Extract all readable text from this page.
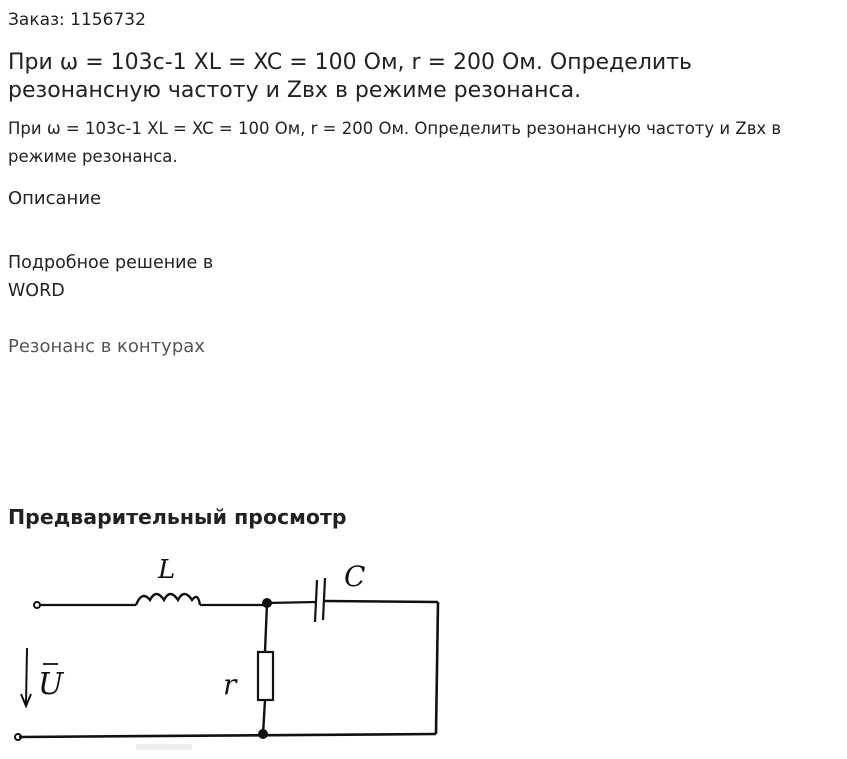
Заказ: 1156732
При ω = 103с-1 XL = XC = 100 Ом, r = 200 Ом. Определить резонансную частоту и Zвх в режиме резонанса.
При ω = 103с-1 XL = XC = 100 Ом, r = 200 Ом. Определить резонансную частоту и Zвх в режиме резонанса.
Описание
Подробное решение в WORD
Резонанс в контурах
Предварительный просмотр
L	C
r
U
